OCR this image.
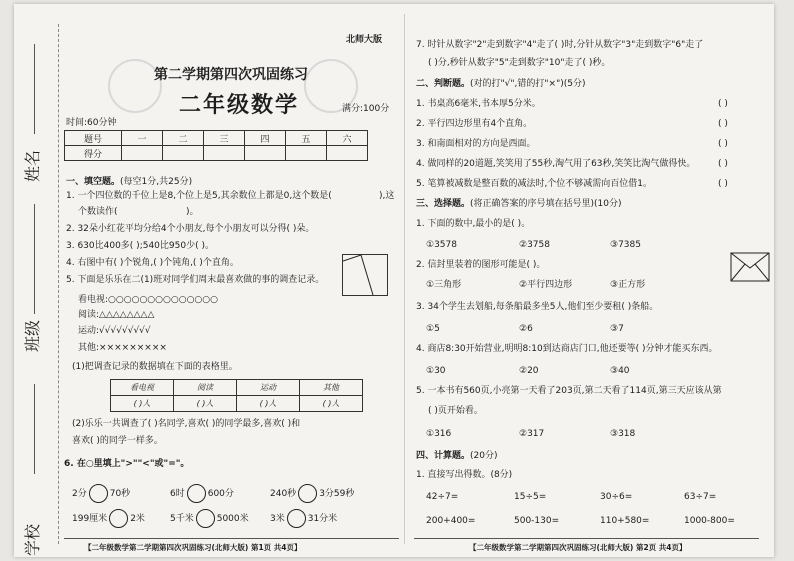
姓名
班级
学校
北师大版
第二学期第四次巩固练习
二年级数学
时间:60分钟
满分:100分
题号	一	二	三	四	五	六
得分						
一、填空题。(每空1分,共25分)
1. 一个四位数的千位上是8,个位上是5,其余数位上都是0,这个数是(	),这
个数读作(	)。
2. 32朵小红花平均分给4个小朋友,每个小朋友可以分得( )朵。
3. 630比400多( );540比950少( )。
4. 右图中有( )个锐角,( )个钝角,( )个直角。
5. 下面是乐乐在二(1)班对同学们周末最喜欢做的事的调查记录。
看电视:○○○○○○○○○○○○○○
阅读:△△△△△△△△
运动:√√√√√√√√√
其他:×××××××××
(1)把调查记录的数据填在下面的表格里。
看电视	阅读	运动	其他
( )人	( )人	( )人	( )人
(2)乐乐一共调查了( )名同学,喜欢( )的同学最多,喜欢( )和
喜欢( )的同学一样多。
6. 在○里填上">""<"或"="。
2分	70秒	6时	600分	240秒	3分59秒
199厘米	2米	5千米	5000米 3米	31分米
【二年级数学第二学期第四次巩固练习(北师大版) 第1页 共4页】
7. 时针从数字"2"走到数字"4"走了( )时,分针从数字"3"走到数字"6"走了
( )分,秒针从数字"5"走到数字"10"走了( )秒。
二、判断题。(对的打"√",错的打"×")(5分)
1. 书桌高6毫米,书本厚5分米。	( )
2. 平行四边形里有4个直角。	( )
3. 和南面相对的方向是西面。	( )
4. 做同样的20道题,笑笑用了55秒,淘气用了63秒,笑笑比淘气做得快。	( )
5. 笔算被减数是整百数的减法时,个位不够减需向百位借1。	( )
三、选择题。(将正确答案的序号填在括号里)(10分)
1. 下面的数中,最小的是( )。
①3578	②3758	③7385
2. 信封里装着的图形可能是( )。
①三角形	②平行四边形	③正方形
3. 34个学生去划船,每条船最多坐5人,他们至少要租( )条船。
①5	②6	③7
4. 商店8:30开始营业,明明8:10到达商店门口,他还要等( )分钟才能买东西。
①30	②20	③40
5. 一本书有560页,小亮第一天看了203页,第二天看了114页,第三天应该从第
( )页开始看。
①316	②317	③318
四、计算题。(20分)
1. 直接写出得数。(8分)
42÷7=	15÷5=	30÷6=	63÷7=
200+400=	500-130=	110+580=	1000-800=
【二年级数学第二学期第四次巩固练习(北师大版) 第2页 共4页】
